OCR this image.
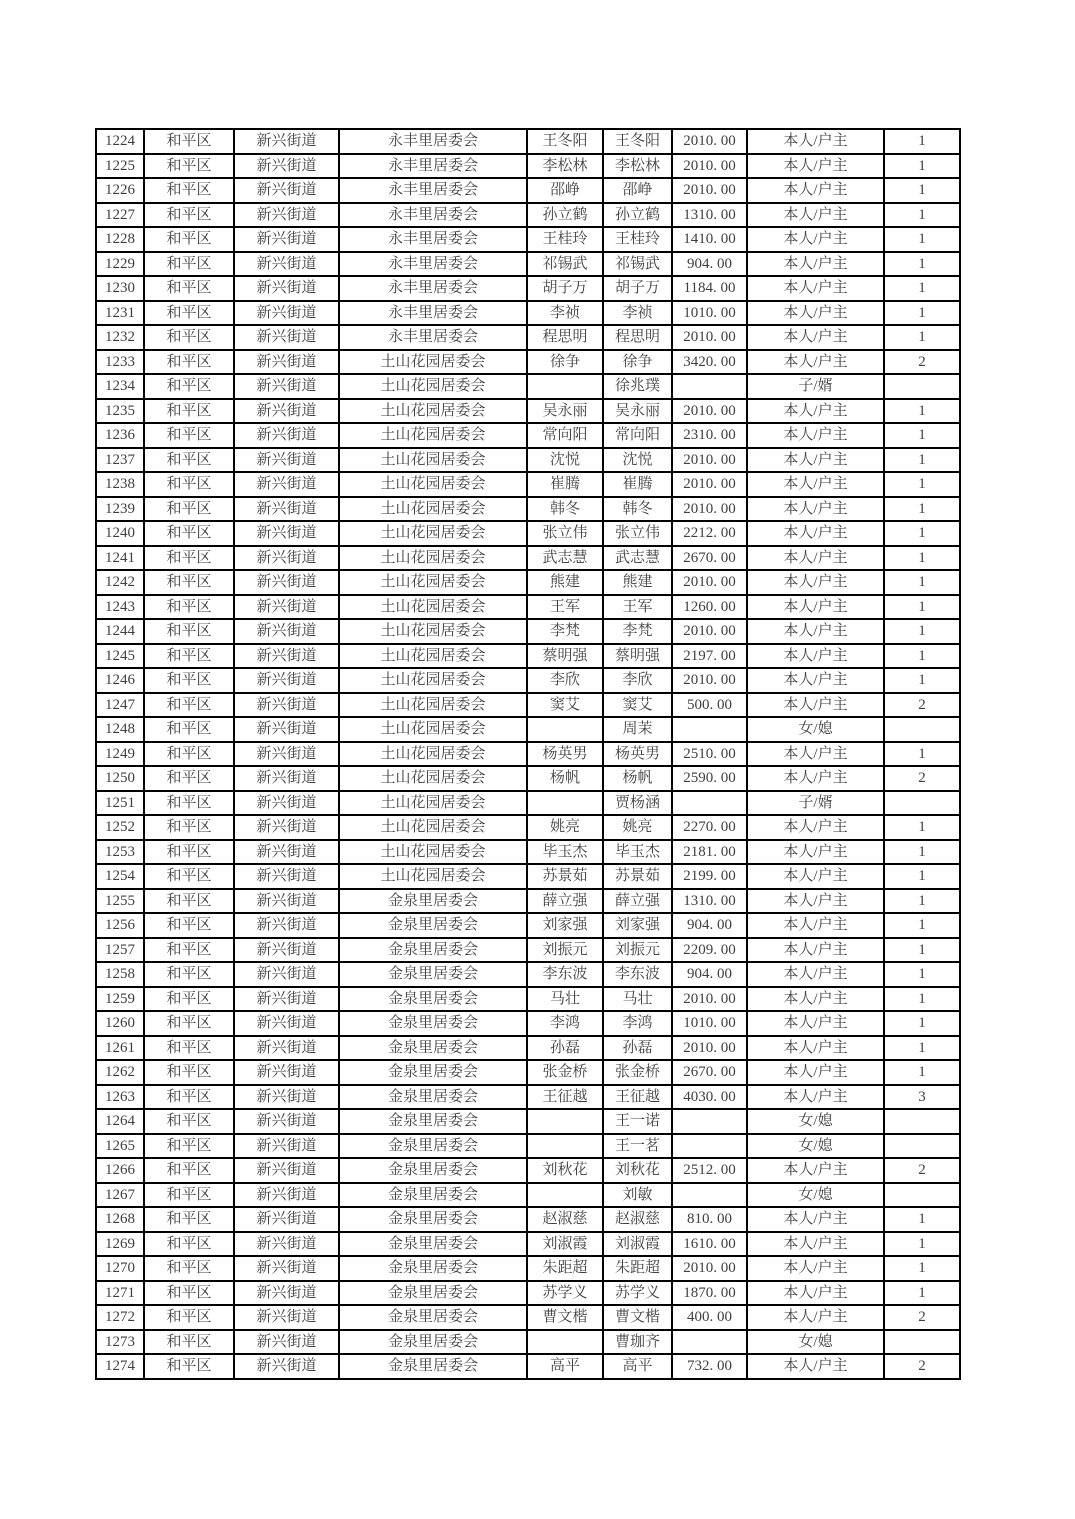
1224	和平区	新兴街道	永丰里居委会	王冬阳	王冬阳	2010. 00	本人/户主	1
1225	和平区	新兴街道	永丰里居委会	李松林	李松林	2010. 00	本人/户主	1
1226	和平区	新兴街道	永丰里居委会	邵峥	邵峥	2010. 00	本人/户主	1
1227	和平区	新兴街道	永丰里居委会	孙立鹤	孙立鹤	1310. 00	本人/户主	1
1228	和平区	新兴街道	永丰里居委会	王桂玲	王桂玲	1410. 00	本人/户主	1
1229	和平区	新兴街道	永丰里居委会	祁锡武	祁锡武	904. 00	本人/户主	1
1230	和平区	新兴街道	永丰里居委会	胡子万	胡子万	1184. 00	本人/户主	1
1231	和平区	新兴街道	永丰里居委会	李祯	李祯	1010. 00	本人/户主	1
1232	和平区	新兴街道	永丰里居委会	程思明	程思明	2010. 00	本人/户主	1
1233	和平区	新兴街道	土山花园居委会	徐争	徐争	3420. 00	本人/户主	2
1234	和平区	新兴街道	土山花园居委会		徐兆璞		子/婿	
1235	和平区	新兴街道	土山花园居委会	吴永丽	吴永丽	2010. 00	本人/户主	1
1236	和平区	新兴街道	土山花园居委会	常向阳	常向阳	2310. 00	本人/户主	1
1237	和平区	新兴街道	土山花园居委会	沈悦	沈悦	2010. 00	本人/户主	1
1238	和平区	新兴街道	土山花园居委会	崔腾	崔腾	2010. 00	本人/户主	1
1239	和平区	新兴街道	土山花园居委会	韩冬	韩冬	2010. 00	本人/户主	1
1240	和平区	新兴街道	土山花园居委会	张立伟	张立伟	2212. 00	本人/户主	1
1241	和平区	新兴街道	土山花园居委会	武志慧	武志慧	2670. 00	本人/户主	1
1242	和平区	新兴街道	土山花园居委会	熊建	熊建	2010. 00	本人/户主	1
1243	和平区	新兴街道	土山花园居委会	王军	王军	1260. 00	本人/户主	1
1244	和平区	新兴街道	土山花园居委会	李梵	李梵	2010. 00	本人/户主	1
1245	和平区	新兴街道	土山花园居委会	蔡明强	蔡明强	2197. 00	本人/户主	1
1246	和平区	新兴街道	土山花园居委会	李欣	李欣	2010. 00	本人/户主	1
1247	和平区	新兴街道	土山花园居委会	窦艾	窦艾	500. 00	本人/户主	2
1248	和平区	新兴街道	土山花园居委会		周茉		女/媳	
1249	和平区	新兴街道	土山花园居委会	杨英男	杨英男	2510. 00	本人/户主	1
1250	和平区	新兴街道	土山花园居委会	杨帆	杨帆	2590. 00	本人/户主	2
1251	和平区	新兴街道	土山花园居委会		贾杨涵		子/婿	
1252	和平区	新兴街道	土山花园居委会	姚亮	姚亮	2270. 00	本人/户主	1
1253	和平区	新兴街道	土山花园居委会	毕玉杰	毕玉杰	2181. 00	本人/户主	1
1254	和平区	新兴街道	土山花园居委会	苏景茹	苏景茹	2199. 00	本人/户主	1
1255	和平区	新兴街道	金泉里居委会	薛立强	薛立强	1310. 00	本人/户主	1
1256	和平区	新兴街道	金泉里居委会	刘家强	刘家强	904. 00	本人/户主	1
1257	和平区	新兴街道	金泉里居委会	刘振元	刘振元	2209. 00	本人/户主	1
1258	和平区	新兴街道	金泉里居委会	李东波	李东波	904. 00	本人/户主	1
1259	和平区	新兴街道	金泉里居委会	马壮	马壮	2010. 00	本人/户主	1
1260	和平区	新兴街道	金泉里居委会	李鸿	李鸿	1010. 00	本人/户主	1
1261	和平区	新兴街道	金泉里居委会	孙磊	孙磊	2010. 00	本人/户主	1
1262	和平区	新兴街道	金泉里居委会	张金桥	张金桥	2670. 00	本人/户主	1
1263	和平区	新兴街道	金泉里居委会	王征越	王征越	4030. 00	本人/户主	3
1264	和平区	新兴街道	金泉里居委会		王一诺		女/媳	
1265	和平区	新兴街道	金泉里居委会		王一茗		女/媳	
1266	和平区	新兴街道	金泉里居委会	刘秋花	刘秋花	2512. 00	本人/户主	2
1267	和平区	新兴街道	金泉里居委会		刘敏		女/媳	
1268	和平区	新兴街道	金泉里居委会	赵淑慈	赵淑慈	810. 00	本人/户主	1
1269	和平区	新兴街道	金泉里居委会	刘淑霞	刘淑霞	1610. 00	本人/户主	1
1270	和平区	新兴街道	金泉里居委会	朱距超	朱距超	2010. 00	本人/户主	1
1271	和平区	新兴街道	金泉里居委会	苏学义	苏学义	1870. 00	本人/户主	1
1272	和平区	新兴街道	金泉里居委会	曹文楷	曹文楷	400. 00	本人/户主	2
1273	和平区	新兴街道	金泉里居委会		曹珈齐		女/媳	
1274	和平区	新兴街道	金泉里居委会	高平	高平	732. 00	本人/户主	2
